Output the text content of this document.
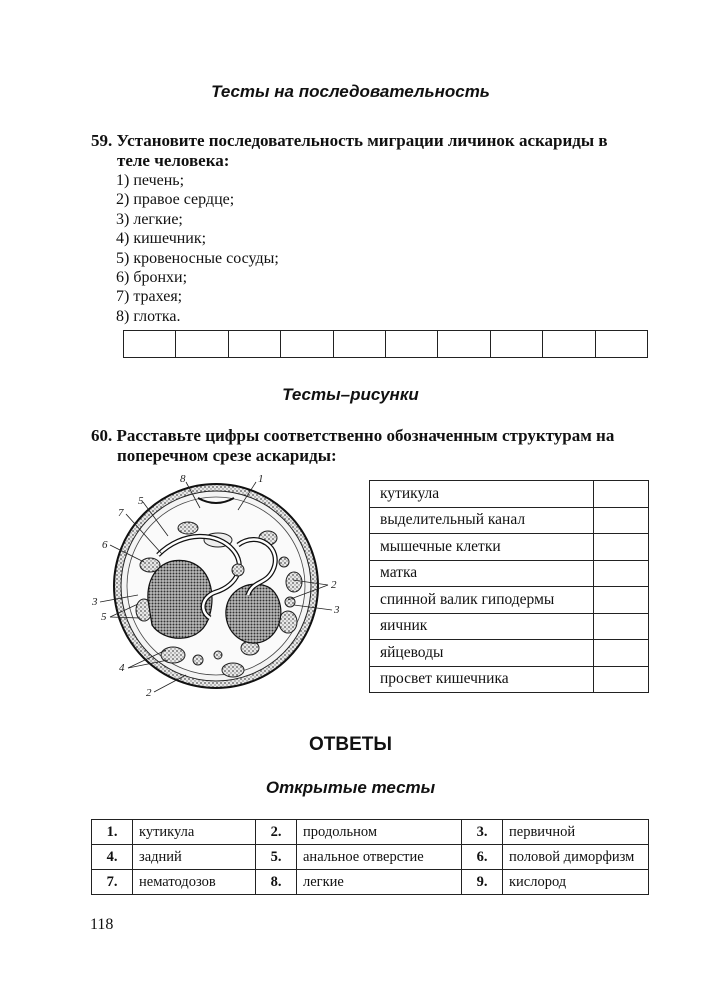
Тесты на последовательность
59. Установите последовательность миграции личинок аскариды в
теле человека:
1) печень;
2) правое сердце;
3) легкие;
4) кишечник;
5) кровеносные сосуды;
6) бронхи;
7) трахея;
8) глотка.

Тесты–рисунки
60. Расставьте цифры соответственно обозначенным структурам на
поперечном срезе аскариды:
1
8
5
7
6
3
5
4
2
2
3
кутикула	
выделительный канал	
мышечные клетки	
матка	
спинной валик гиподермы	
яичник	
яйцеводы	
просвет кишечника	
ОТВЕТЫ
Открытые тесты
1.	кутикула	2.	продольном	3.	первичной
4.	задний	5.	анальное отверстие	6.	половой диморфизм
7.	нематодозов	8.	легкие	9.	кислород
118
